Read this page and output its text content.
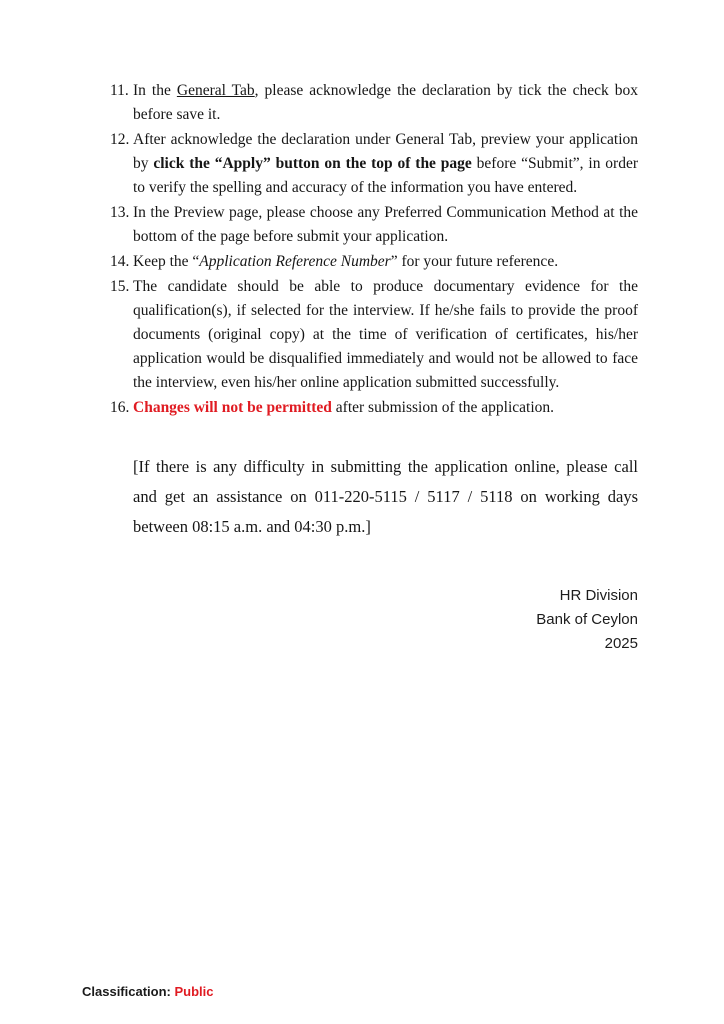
11. In the General Tab, please acknowledge the declaration by tick the check box before save it.
12. After acknowledge the declaration under General Tab, preview your application by click the “Apply” button on the top of the page before “Submit”, in order to verify the spelling and accuracy of the information you have entered.
13. In the Preview page, please choose any Preferred Communication Method at the bottom of the page before submit your application.
14. Keep the “Application Reference Number” for your future reference.
15. The candidate should be able to produce documentary evidence for the qualification(s), if selected for the interview. If he/she fails to provide the proof documents (original copy) at the time of verification of certificates, his/her application would be disqualified immediately and would not be allowed to face the interview, even his/her online application submitted successfully.
16. Changes will not be permitted after submission of the application.

[If there is any difficulty in submitting the application online, please call and get an assistance on 011-220-5115 / 5117 / 5118 on working days between 08:15 a.m. and 04:30 p.m.]

HR Division
Bank of Ceylon
2025
Classification: Public
